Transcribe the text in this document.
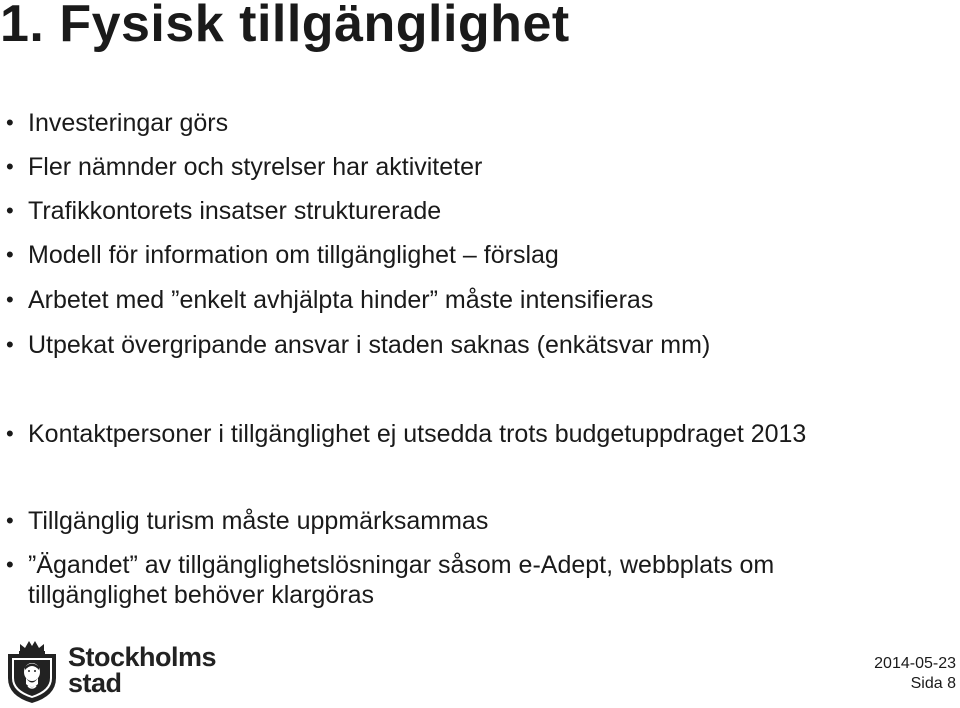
1. Fysisk tillgänglighet
• Investeringar görs
• Fler nämnder och styrelser har aktiviteter
• Trafikkontorets insatser strukturerade
• Modell för information om tillgänglighet – förslag
• Arbetet med ”enkelt avhjälpta hinder” måste intensifieras
• Utpekat övergripande ansvar i staden saknas (enkätsvar mm)
• Kontaktpersoner i tillgänglighet ej utsedda trots budgetuppdraget 2013
• Tillgänglig turism måste uppmärksammas
• ”Ägandet” av tillgänglighetslösningar såsom e-Adept, webbplats om tillgänglighet behöver klargöras
Stockholms
stad
2014-05-23
Sida 8
